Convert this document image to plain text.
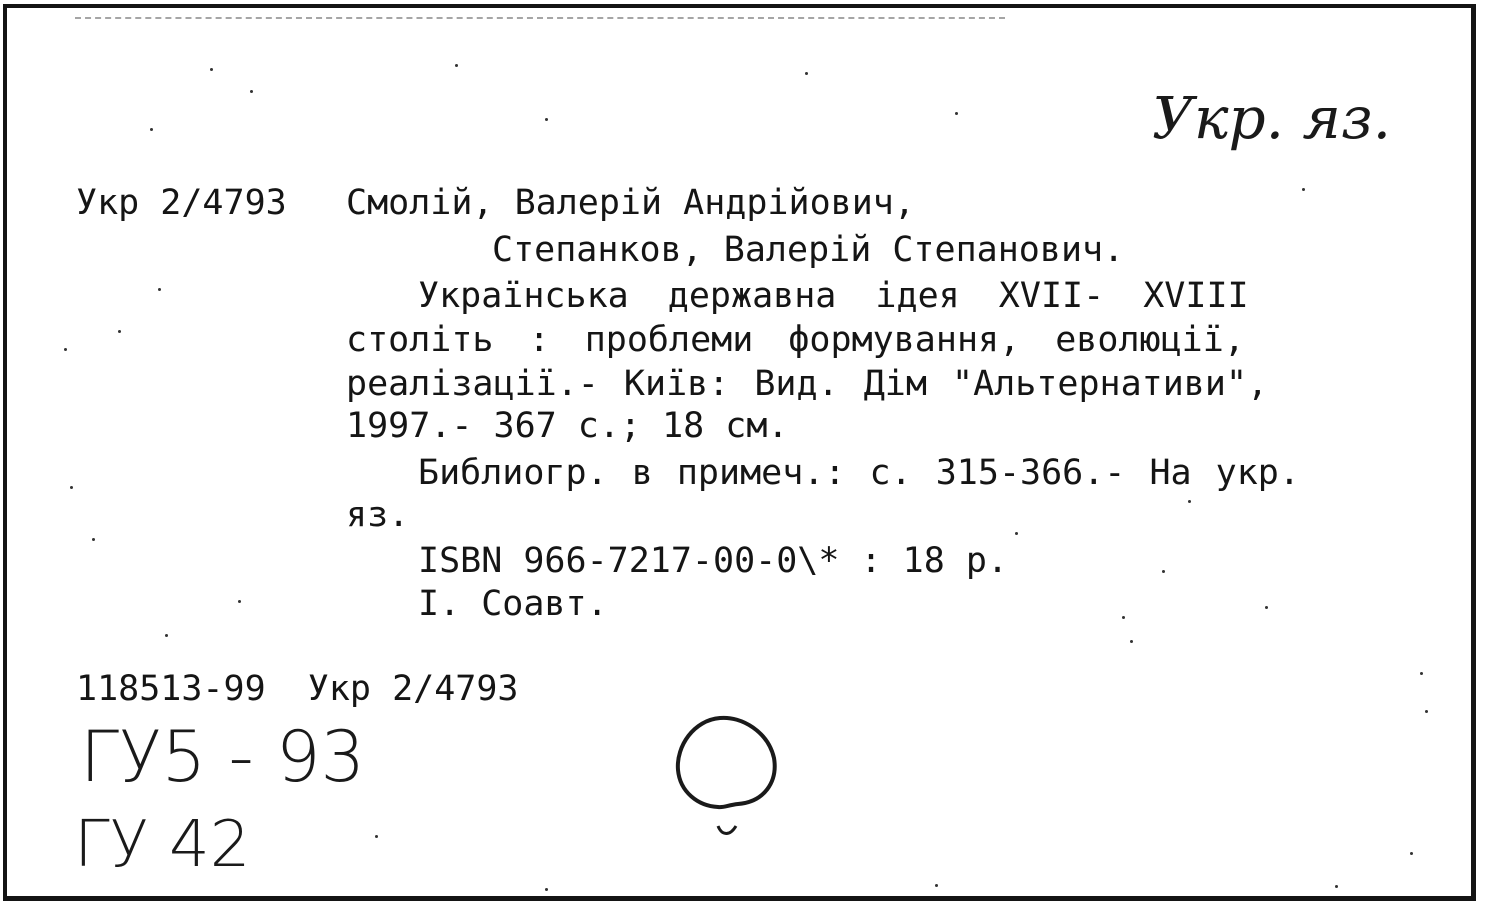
Укр. яз.
Укр 2/4793 Смолій, Валерій Андрійович,
Степанков, Валерій Степанович.
Українська державна ідея XVII- XVIII
століть : проблеми формування, еволюції,
реалізації.- Київ: Вид. Дім "Альтернативи",
1997.- 367 с.; 18 см.
Библиогр. в примеч.: с. 315-366.- На укр.
яз.
ISBN 966-7217-00-0\* : 18 р.
I. Соавт.
118513-99  Укр 2/4793
ГУ5 - 93
ГУ 42
